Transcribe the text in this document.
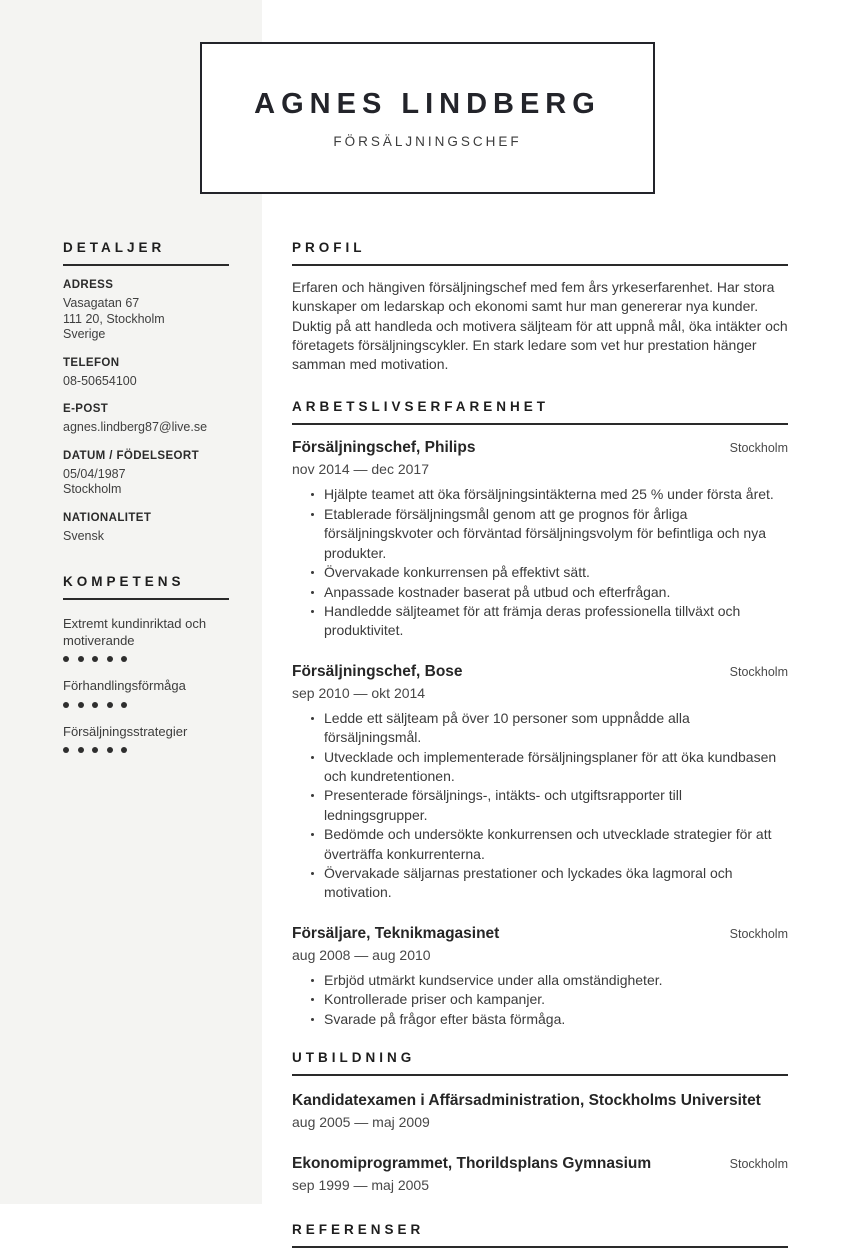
AGNES LINDBERG
FÖRSÄLJNINGSCHEF
DETALJER
ADRESS
Vasagatan 67
111 20, Stockholm
Sverige
TELEFON
08-50654100
E-POST
agnes.lindberg87@live.se
DATUM / FÖDELSEORT
05/04/1987
Stockholm
NATIONALITET
Svensk
KOMPETENS
Extremt kundinriktad och motiverande
Förhandlingsförmåga
Försäljningsstrategier
PROFIL

Erfaren och hängiven försäljningschef med fem års yrkeserfarenhet. Har stora kunskaper om ledarskap och ekonomi samt hur man genererar nya kunder. Duktig på att handleda och motivera säljteam för att uppnå mål, öka intäkter och företagets försäljningscykler. En stark ledare som vet hur prestation hänger samman med motivation.

ARBETSLIVSERFARENHET
Försäljningschef, Philips	Stockholm
nov 2014 — dec 2017
Hjälpte teamet att öka försäljningsintäkterna med 25 % under första året.
Etablerade försäljningsmål genom att ge prognos för årliga försäljningskvoter och förväntad försäljningsvolym för befintliga och nya produkter.
Övervakade konkurrensen på effektivt sätt.
Anpassade kostnader baserat på utbud och efterfrågan.
Handledde säljteamet för att främja deras professionella tillväxt och produktivitet.
Försäljningschef, Bose	Stockholm
sep 2010 — okt 2014
Ledde ett säljteam på över 10 personer som uppnådde alla försäljningsmål.
Utvecklade och implementerade försäljningsplaner för att öka kundbasen och kundretentionen.
Presenterade försäljnings-, intäkts- och utgiftsrapporter till ledningsgrupper.
Bedömde och undersökte konkurrensen och utvecklade strategier för att överträffa konkurrenterna.
Övervakade säljarnas prestationer och lyckades öka lagmoral och motivation.
Försäljare, Teknikmagasinet	Stockholm
aug 2008 — aug 2010
Erbjöd utmärkt kundservice under alla omständigheter.
Kontrollerade priser och kampanjer.
Svarade på frågor efter bästa förmåga.
UTBILDNING
Kandidatexamen i Affärsadministration, Stockholms Universitet
aug 2005 — maj 2009
Ekonomiprogrammet, Thorildsplans Gymnasium	Stockholm
sep 1999 — maj 2005
REFERENSER
